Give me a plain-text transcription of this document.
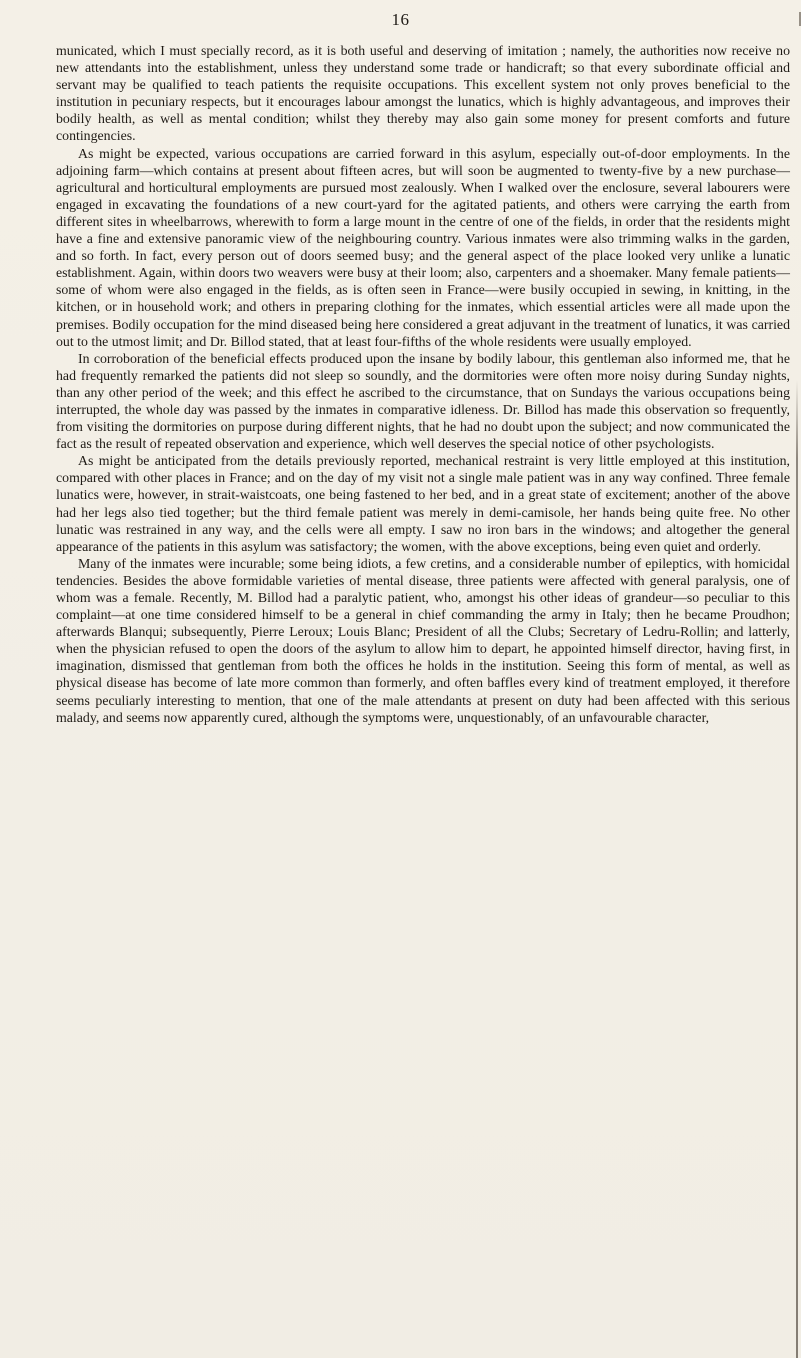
16

municated, which I must specially record, as it is both useful and deserving of imitation ; namely, the authorities now receive no new attendants into the establishment, unless they understand some trade or handicraft; so that every subordinate official and servant may be qualified to teach patients the requisite occupations. This excellent system not only proves beneficial to the institution in pecuniary respects, but it encourages labour amongst the lunatics, which is highly advantageous, and improves their bodily health, as well as mental condition; whilst they thereby may also gain some money for present comforts and future contingencies.

As might be expected, various occupations are carried forward in this asylum, especially out-of-door employments. In the adjoining farm—which contains at present about fifteen acres, but will soon be augmented to twenty-five by a new purchase—agricultural and horticultural employments are pursued most zealously. When I walked over the enclosure, several labourers were engaged in excavating the foundations of a new court-yard for the agitated patients, and others were carrying the earth from different sites in wheelbarrows, wherewith to form a large mount in the centre of one of the fields, in order that the residents might have a fine and extensive panoramic view of the neighbouring country. Various inmates were also trimming walks in the garden, and so forth. In fact, every person out of doors seemed busy; and the general aspect of the place looked very unlike a lunatic establishment. Again, within doors two weavers were busy at their loom; also, carpenters and a shoemaker. Many female patients—some of whom were also engaged in the fields, as is often seen in France—were busily occupied in sewing, in knitting, in the kitchen, or in household work; and others in preparing clothing for the inmates, which essential articles were all made upon the premises. Bodily occupation for the mind diseased being here considered a great adjuvant in the treatment of lunatics, it was carried out to the utmost limit; and Dr. Billod stated, that at least four-fifths of the whole residents were usually employed.

In corroboration of the beneficial effects produced upon the insane by bodily labour, this gentleman also informed me, that he had frequently remarked the patients did not sleep so soundly, and the dormitories were often more noisy during Sunday nights, than any other period of the week; and this effect he ascribed to the circumstance, that on Sundays the various occupations being interrupted, the whole day was passed by the inmates in comparative idleness. Dr. Billod has made this observation so frequently, from visiting the dormitories on purpose during different nights, that he had no doubt upon the subject; and now communicated the fact as the result of repeated observation and experience, which well deserves the special notice of other psychologists.

As might be anticipated from the details previously reported, mechanical restraint is very little employed at this institution, compared with other places in France; and on the day of my visit not a single male patient was in any way confined. Three female lunatics were, however, in strait-waistcoats, one being fastened to her bed, and in a great state of excitement; another of the above had her legs also tied together; but the third female patient was merely in demi-camisole, her hands being quite free. No other lunatic was restrained in any way, and the cells were all empty. I saw no iron bars in the windows; and altogether the general appearance of the patients in this asylum was satisfactory; the women, with the above exceptions, being even quiet and orderly.

Many of the inmates were incurable; some being idiots, a few cretins, and a considerable number of epileptics, with homicidal tendencies. Besides the above formidable varieties of mental disease, three patients were affected with general paralysis, one of whom was a female. Recently, M. Billod had a paralytic patient, who, amongst his other ideas of grandeur—so peculiar to this complaint—at one time considered himself to be a general in chief commanding the army in Italy; then he became Proudhon; afterwards Blanqui; subsequently, Pierre Leroux; Louis Blanc; President of all the Clubs; Secretary of Ledru-Rollin; and latterly, when the physician refused to open the doors of the asylum to allow him to depart, he appointed himself director, having first, in imagination, dismissed that gentleman from both the offices he holds in the institution. Seeing this form of mental, as well as physical disease has become of late more common than formerly, and often baffles every kind of treatment employed, it therefore seems peculiarly interesting to mention, that one of the male attendants at present on duty had been affected with this serious malady, and seems now apparently cured, although the symptoms were, unquestionably, of an unfavourable character,
